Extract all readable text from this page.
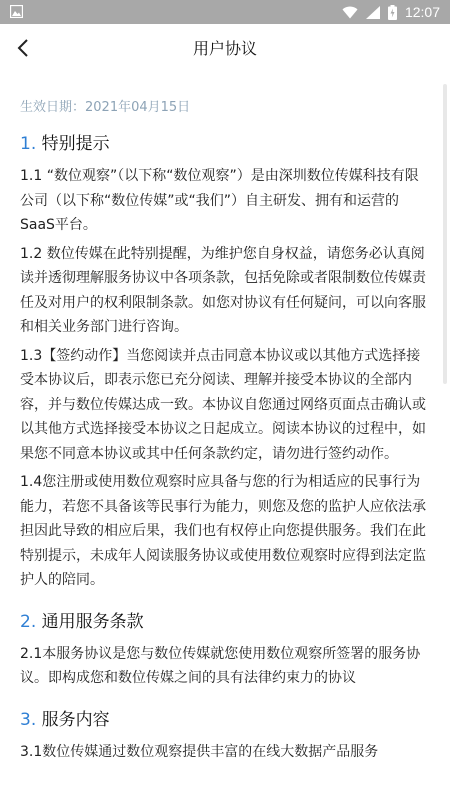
12:07
用户协议
生效日期：2021年04月15日
1. 特别提示

1.1 “数位观察”（以下称“数位观察”）是由深圳数位传媒科技有限公司（以下称“数位传媒”或“我们”）自主研发、拥有和运营的SaaS平台。

1.2 数位传媒在此特别提醒，为维护您自身权益，请您务必认真阅读并透彻理解服务协议中各项条款，包括免除或者限制数位传媒责任及对用户的权利限制条款。如您对协议有任何疑问，可以向客服和相关业务部门进行咨询。

1.3【签约动作】当您阅读并点击同意本协议或以其他方式选择接受本协议后，即表示您已充分阅读、理解并接受本协议的全部内容，并与数位传媒达成一致。本协议自您通过网络页面点击确认或以其他方式选择接受本协议之日起成立。阅读本协议的过程中，如果您不同意本协议或其中任何条款约定，请勿进行签约动作。

1.4您注册或使用数位观察时应具备与您的行为相适应的民事行为能力，若您不具备该等民事行为能力，则您及您的监护人应依法承担因此导致的相应后果，我们也有权停止向您提供服务。我们在此特别提示，未成年人阅读服务协议或使用数位观察时应得到法定监护人的陪同。

2. 通用服务条款

2.1本服务协议是您与数位传媒就您使用数位观察所签署的服务协议。即构成您和数位传媒之间的具有法律约束力的协议

3. 服务内容

3.1数位传媒通过数位观察提供丰富的在线大数据产品服务
